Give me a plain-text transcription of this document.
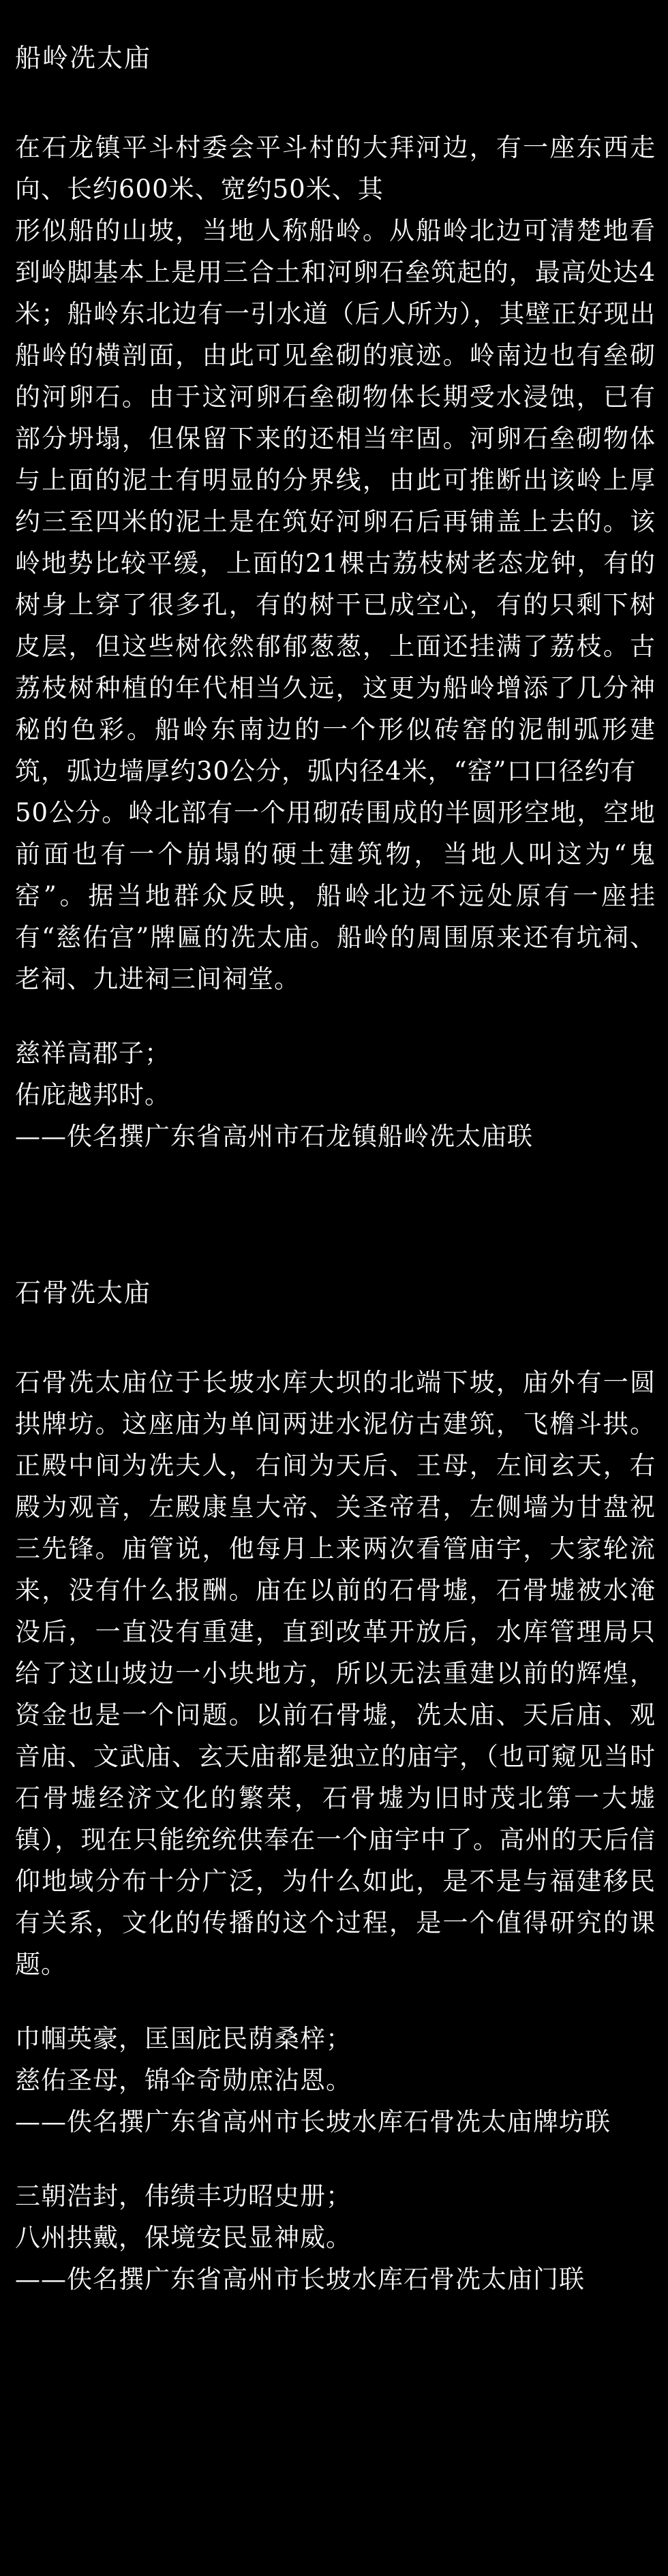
船岭冼太庙

在石龙镇平斗村委会平斗村的大拜河边，有一座东西走向、长约600米、宽约50米、其
形似船的山坡，当地人称船岭。从船岭北边可清楚地看到岭脚基本上是用三合土和河卵石垒筑起的，最高处达4米；船岭东北边有一引水道（后人所为），其壁正好现出船岭的横剖面，由此可见垒砌的痕迹。岭南边也有垒砌的河卵石。由于这河卵石垒砌物体长期受水浸蚀，已有部分坍塌，但保留下来的还相当牢固。河卵石垒砌物体与上面的泥土有明显的分界线，由此可推断出该岭上厚约三至四米的泥土是在筑好河卵石后再铺盖上去的。该岭地势比较平缓，上面的21棵古荔枝树老态龙钟，有的树身上穿了很多孔，有的树干已成空心，有的只剩下树皮层，但这些树依然郁郁葱葱，上面还挂满了荔枝。古荔枝树种植的年代相当久远，这更为船岭增添了几分神秘的色彩。船岭东南边的一个形似砖窑的泥制弧形建筑，弧边墙厚约30公分，弧内径4米，“窑”口口径约有
50公分。岭北部有一个用砌砖围成的半圆形空地，空地前面也有一个崩塌的硬土建筑物，当地人叫这为“鬼窑”。据当地群众反映，船岭北边不远处原有一座挂有“慈佑宫”牌匾的冼太庙。船岭的周围原来还有坑祠、老祠、九进祠三间祠堂。

慈祥高郡子；
佑庇越邦时。
——佚名撰广东省高州市石龙镇船岭冼太庙联

石骨冼太庙

石骨冼太庙位于长坡水库大坝的北端下坡，庙外有一圆拱牌坊。这座庙为单间两进水泥仿古建筑，飞檐斗拱。正殿中间为冼夫人，右间为天后、王母，左间玄天，右殿为观音，左殿康皇大帝、关圣帝君，左侧墙为甘盘祝三先锋。庙管说，他每月上来两次看管庙宇，大家轮流来，没有什么报酬。庙在以前的石骨墟，石骨墟被水淹没后，一直没有重建，直到改革开放后，水库管理局只给了这山坡边一小块地方，所以无法重建以前的辉煌，资金也是一个问题。以前石骨墟，冼太庙、天后庙、观音庙、文武庙、玄天庙都是独立的庙宇，（也可窥见当时石骨墟经济文化的繁荣，石骨墟为旧时茂北第一大墟镇），现在只能统统供奉在一个庙宇中了。高州的天后信仰地域分布十分广泛，为什么如此，是不是与福建移民有关系，文化的传播的这个过程，是一个值得研究的课题。

巾帼英豪，匡国庇民荫桑梓；
慈佑圣母，锦伞奇勋庶沾恩。
——佚名撰广东省高州市长坡水库石骨冼太庙牌坊联

三朝浩封，伟绩丰功昭史册；
八州拱戴，保境安民显神威。
——佚名撰广东省高州市长坡水库石骨冼太庙门联
